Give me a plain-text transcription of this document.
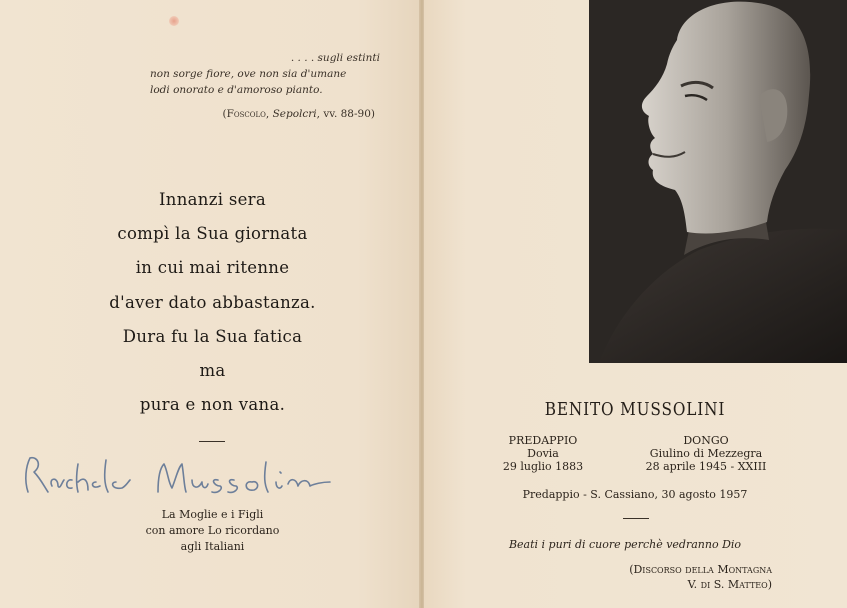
. . . . sugli estinti
non sorge fiore, ove non sia d'umane
lodi onorato e d'amoroso pianto.
(Foscolo, Sepolcri, vv. 88-90)
Innanzi sera
compì la Sua giornata
in cui mai ritenne
d'aver dato abbastanza.
Dura fu la Sua fatica
ma
pura e non vana.
La Moglie e i Figli
con amore Lo ricordano
agli Italiani
BENITO MUSSOLINI
PREDAPPIO
Dovia
29 luglio 1883
DONGO
Giulino di Mezzegra
28 aprile 1945 - XXIII
Predappio - S. Cassiano, 30 agosto 1957
Beati i puri di cuore perchè vedranno Dio
(Discorso della Montagna
V. di S. Matteo)
